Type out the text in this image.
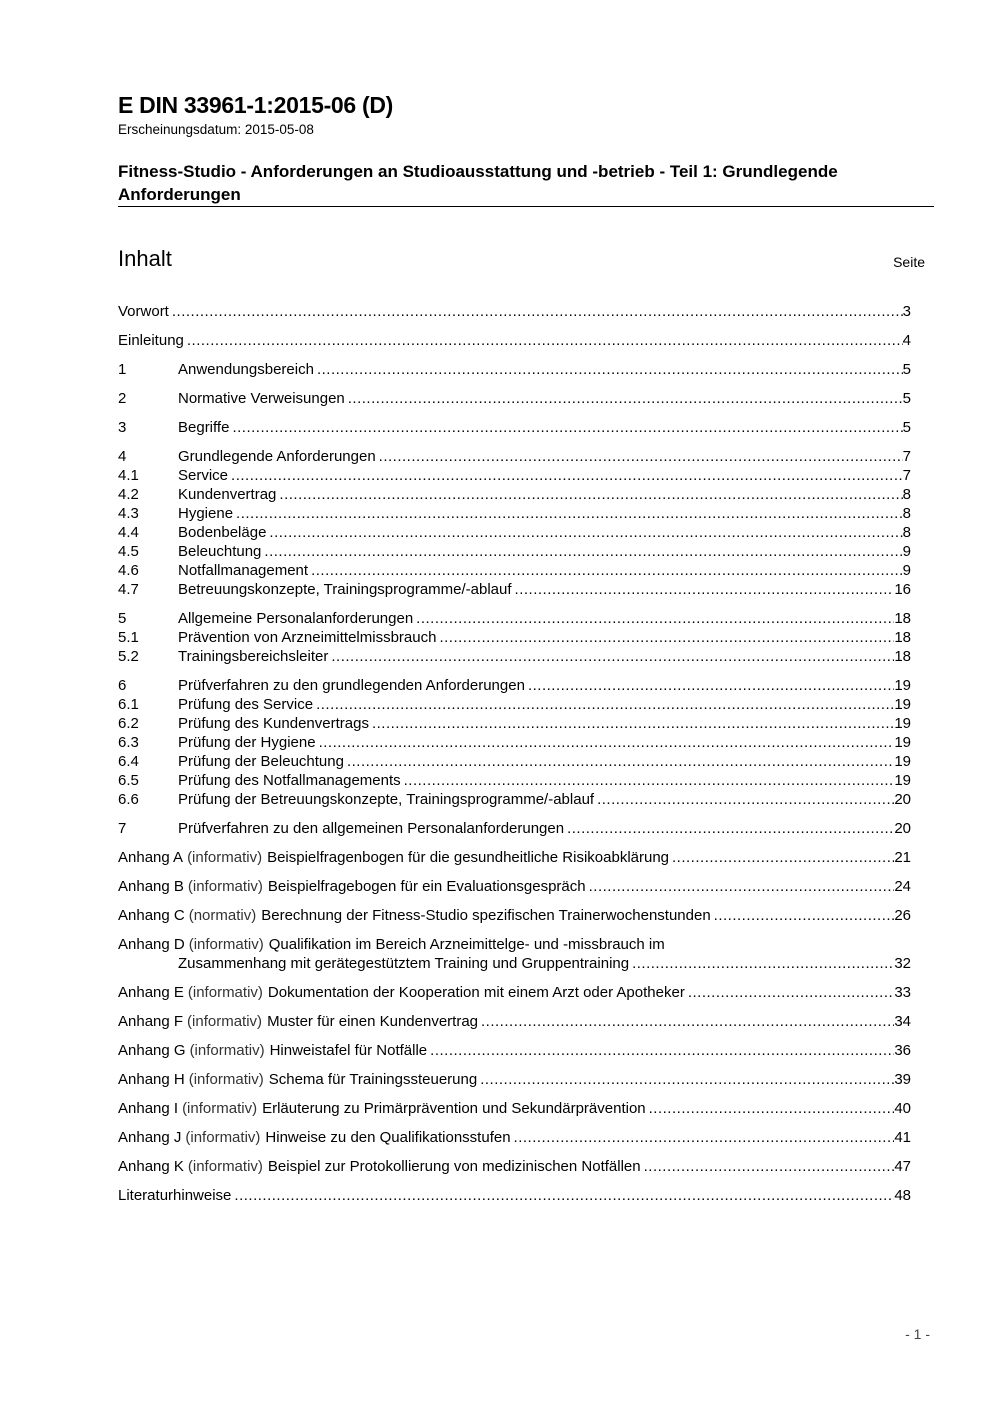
E DIN 33961-1:2015-06 (D)
Erscheinungsdatum: 2015-05-08
Fitness-Studio - Anforderungen an Studioausstattung und -betrieb - Teil 1: Grundlegende Anforderungen
Inhalt	Seite
Vorwort .....	3
Einleitung .....	4
1	Anwendungsbereich .....	5
2	Normative Verweisungen .....	5
3	Begriffe .....	5
4	Grundlegende Anforderungen .....	7
4.1	Service .....	7
4.2	Kundenvertrag .....	8
4.3	Hygiene .....	8
4.4	Bodenbeläge .....	8
4.5	Beleuchtung .....	9
4.6	Notfallmanagement .....	9
4.7	Betreuungskonzepte, Trainingsprogramme/-ablauf .....	16
5	Allgemeine Personalanforderungen .....	18
5.1	Prävention von Arzneimittelmissbrauch .....	18
5.2	Trainingsbereichsleiter .....	18
6	Prüfverfahren zu den grundlegenden Anforderungen .....	19
6.1	Prüfung des Service .....	19
6.2	Prüfung des Kundenvertrags .....	19
6.3	Prüfung der Hygiene .....	19
6.4	Prüfung der Beleuchtung .....	19
6.5	Prüfung des Notfallmanagements .....	19
6.6	Prüfung der Betreuungskonzepte, Trainingsprogramme/-ablauf .....	20
7	Prüfverfahren zu den allgemeinen Personalanforderungen .....	20
Anhang A (informativ) Beispielfragenbogen für die gesundheitliche Risikoabklärung .....	21
Anhang B (informativ) Beispielfragebogen für ein Evaluationsgespräch .....	24
Anhang C (normativ) Berechnung der Fitness-Studio spezifischen Trainerwochenstunden .....	26
Anhang D (informativ) Qualifikation im Bereich Arzneimittelge- und -missbrauch im
Zusammenhang mit gerätegestütztem Training und Gruppentraining .....	32
Anhang E (informativ) Dokumentation der Kooperation mit einem Arzt oder Apotheker .....	33
Anhang F (informativ) Muster für einen Kundenvertrag .....	34
Anhang G (informativ) Hinweistafel für Notfälle .....	36
Anhang H (informativ) Schema für Trainingssteuerung .....	39
Anhang I (informativ) Erläuterung zu Primärprävention und Sekundärprävention .....	40
Anhang J (informativ) Hinweise zu den Qualifikationsstufen .....	41
Anhang K (informativ) Beispiel zur Protokollierung von medizinischen Notfällen .....	47
Literaturhinweise .....	48
- 1 -
